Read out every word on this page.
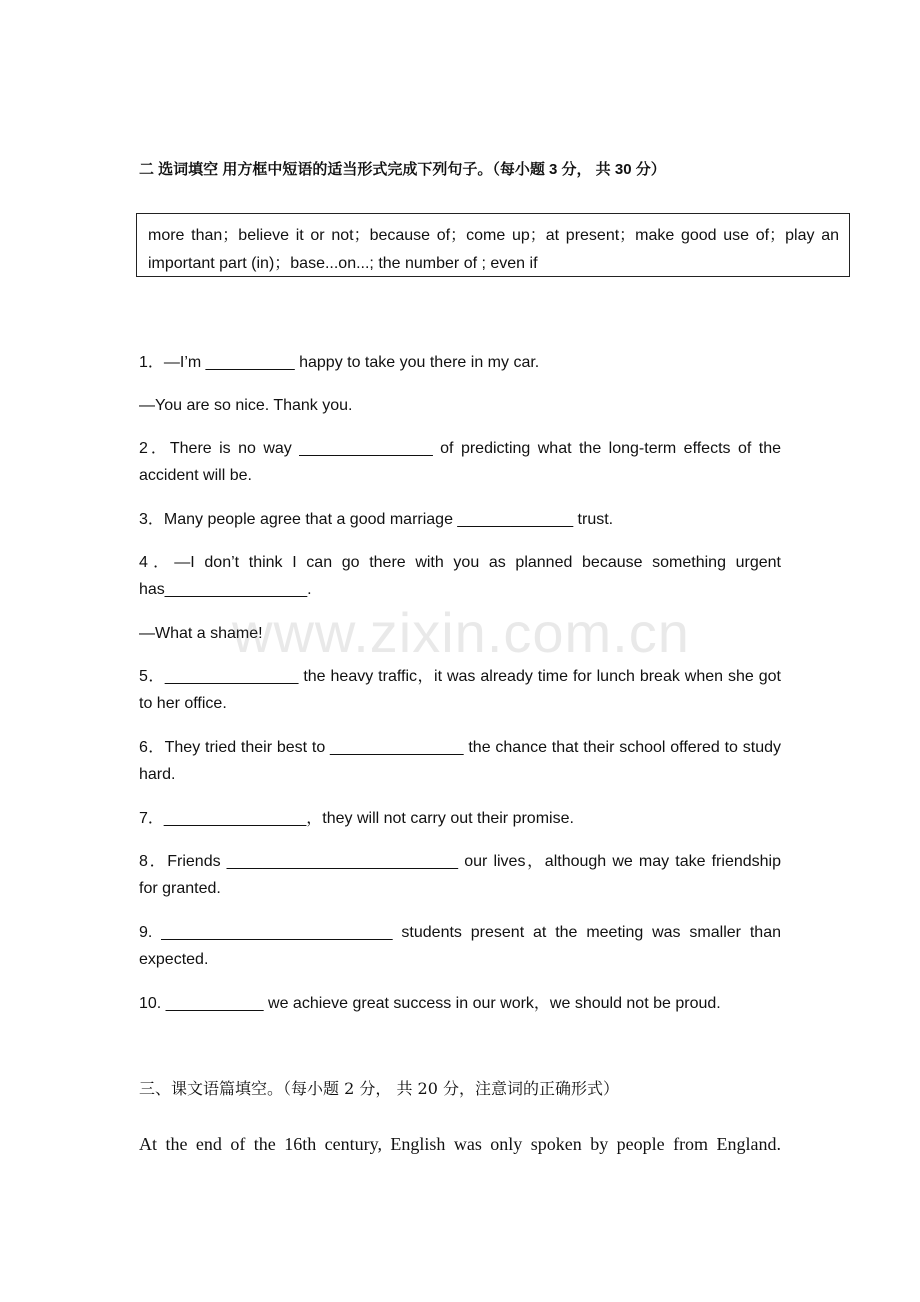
二 选词填空 用方框中短语的适当形式完成下列句子。（每小题 3 分， 共 30 分）
more than；believe it or not；because of；come up；at present；make good use of；play an important part (in)；base...on...; the number of ; even if
1．—I’m __________ happy to take you there in my car.
—You are so nice. Thank you.
2．There is no way _______________ of predicting what the long-term effects of the accident will be.
3．Many people agree that a good marriage _____________ trust.
4．—I don’t think I can go there with you as planned because something urgent has________________.
—What a shame!
5．_______________ the heavy traffic，it was already time for lunch break when she got to her office.
6．They tried their best to _______________ the chance that their school offered to study hard.
7．________________，they will not carry out their promise.
8．Friends __________________________ our lives，although we may take friendship for granted.
9. __________________________ students present at the meeting was smaller than expected.
10. ___________ we achieve great success in our work，we should not be proud.
三、课文语篇填空。（每小题 2 分， 共 20 分，注意词的正确形式）
At the end of the 16th century, English was only spoken by people from England.
www.zixin.com.cn
